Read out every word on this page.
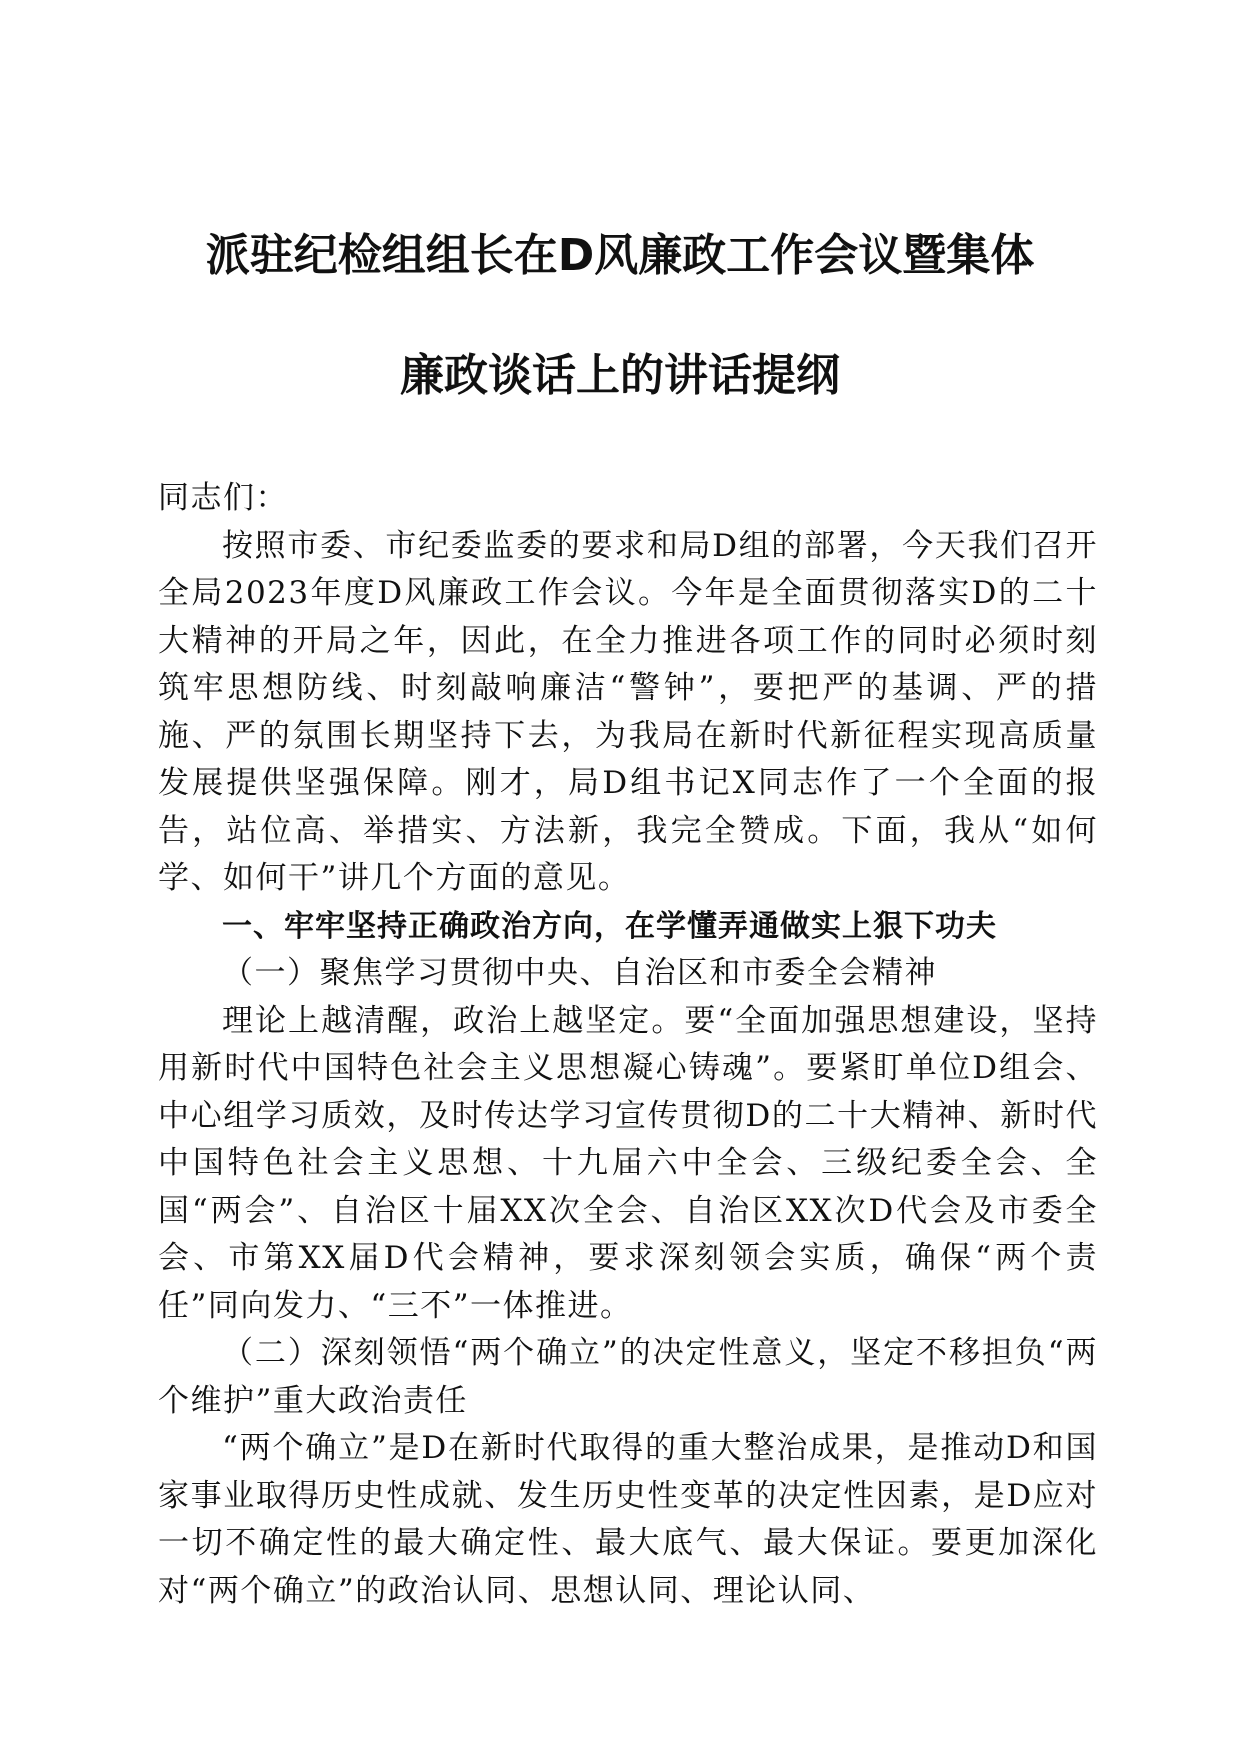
派驻纪检组组长在D风廉政工作会议暨集体
廉政谈话上的讲话提纲

同志们：

按照市委、市纪委监委的要求和局D组的部署，今天我们召开全局2023年度D风廉政工作会议。今年是全面贯彻落实D的二十大精神的开局之年，因此，在全力推进各项工作的同时必须时刻筑牢思想防线、时刻敲响廉洁“警钟”，要把严的基调、严的措施、严的氛围长期坚持下去，为我局在新时代新征程实现高质量发展提供坚强保障。刚才，局D组书记X同志作了一个全面的报告，站位高、举措实、方法新，我完全赞成。下面，我从“如何学、如何干”讲几个方面的意见。

一、牢牢坚持正确政治方向，在学懂弄通做实上狠下功夫

（一）聚焦学习贯彻中央、自治区和市委全会精神

理论上越清醒，政治上越坚定。要“全面加强思想建设，坚持用新时代中国特色社会主义思想凝心铸魂”。要紧盯单位D组会、中心组学习质效，及时传达学习宣传贯彻D的二十大精神、新时代中国特色社会主义思想、十九届六中全会、三级纪委全会、全国“两会”、自治区十届XX次全会、自治区XX次D代会及市委全会、市第XX届D代会精神，要求深刻领会实质，确保“两个责任”同向发力、“三不”一体推进。

（二）深刻领悟“两个确立”的决定性意义，坚定不移担负“两个维护”重大政治责任

“两个确立”是D在新时代取得的重大整治成果，是推动D和国家事业取得历史性成就、发生历史性变革的决定性因素，是D应对一切不确定性的最大确定性、最大底气、最大保证。要更加深化对“两个确立”的政治认同、思想认同、理论认同、
